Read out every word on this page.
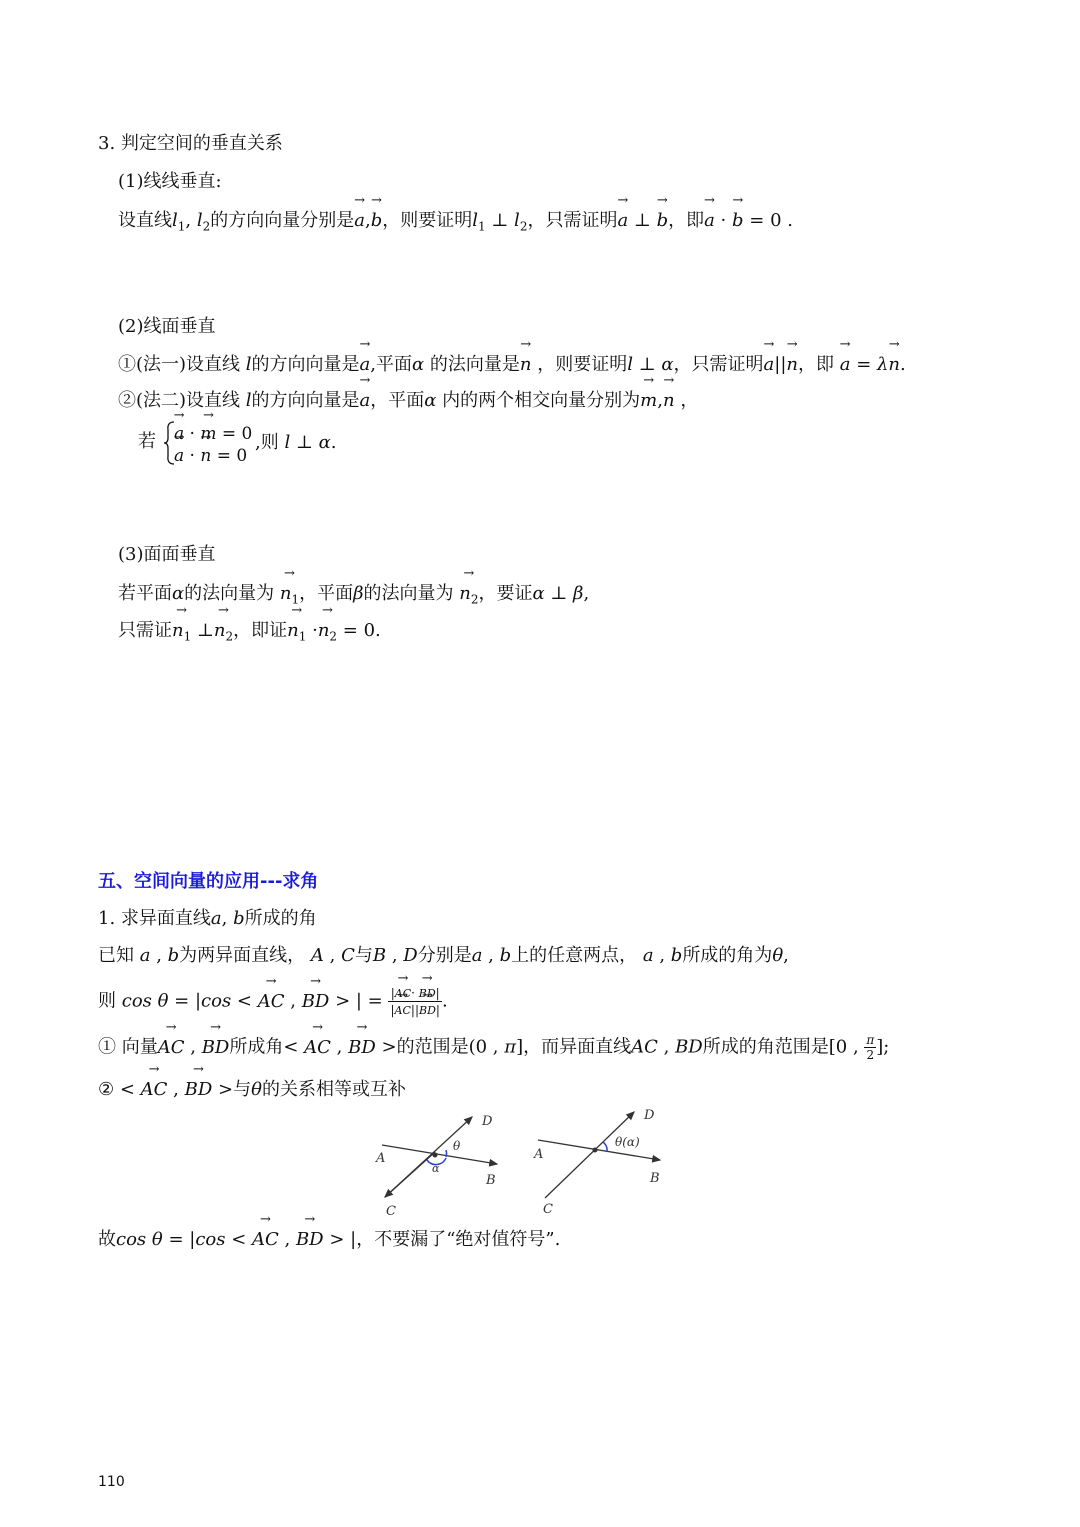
3. 判定空间的垂直关系
(1)线线垂直:
设直线$l_1$, $l_2$的方向向量分别是→ a,→ b，则要证明$l_1$ ⊥ $l_2$，只需证明→ a ⊥ → b，即→ a · → b = 0 .
(2)线面垂直
①(法一)设直线 l的方向向量是→ a,平面α 的法向量是→ n ，则要证明l ⊥ α，只需证明→ a||→ n，即 → a = λ→ n.
②(法二)设直线 l的方向向量是→ a，平面α 内的两个相交向量分别为→ m,→ n ，
若 → a · → m = 0
→ a · → n = 0
,则 l ⊥ α.
(3)面面垂直
若平面α的法向量为 → $n_1$，平面β的法向量为 → $n_2$，要证α ⊥ β,
只需证→ $n_1$ ⊥→ $n_2$，即证→ $n_1 \cdot\to n_2 = 0$.
五、空间向量的应用---求角
1. 求异面直线a, b所成的角
已知 a , b为两异面直线， A , C与B , D分别是a , b上的任意两点， a , b所成的角为θ,
则 cos θ = |cos < → AC , → BD > | = $\frac{|\to AC\cdot \to BD|}{|\to AC||\to BD|}$ .
① 向量→ AC , → BD所成角< → AC , → BD >的范围是(0 , π]，而异面直线AC , BD所成的角范围是[0 , $\frac{\pi}{2}$ ];
② < → AC , → BD >与θ的关系相等或互补
A
B
C
D
θ
α
A
B
C
D
θ(α)
故cos θ = |cos < → AC , → BD > |，不要漏了“绝对值符号”.
110
